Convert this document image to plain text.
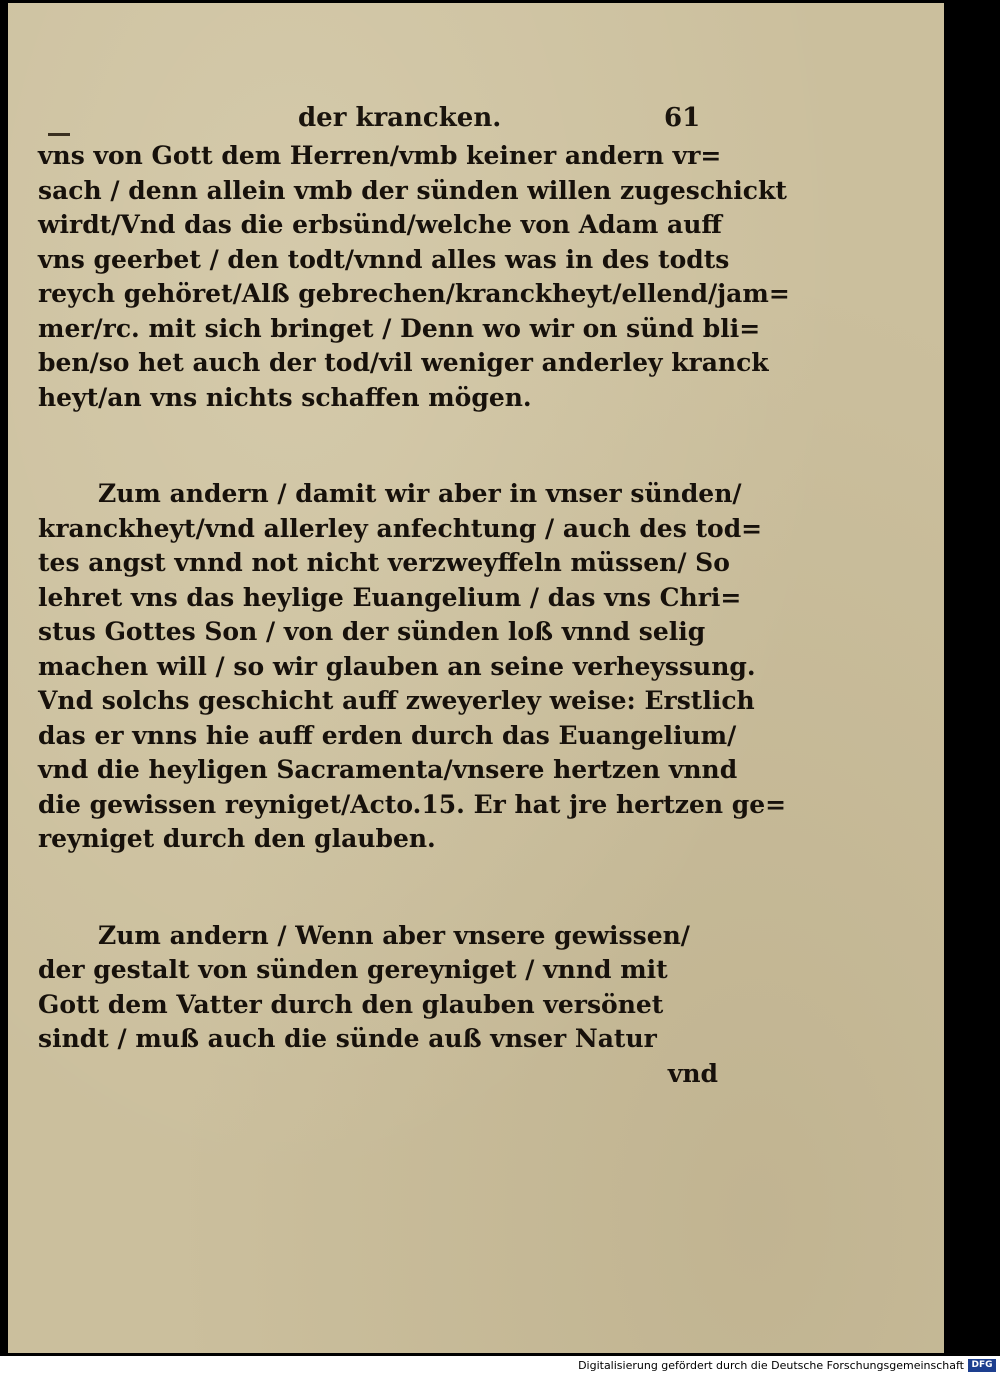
der krancken.	61
vns von Gott dem Herren/vmb keiner andern vr=
sach / denn allein vmb der sünden willen zugeschickt
wirdt/Vnd das die erbsünd/welche von Adam auff
vns geerbet / den todt/vnnd alles was in des todts
reych gehöret/Alß gebrechen/kranckheyt/ellend/jam=
mer/rc. mit sich bringet / Denn wo wir on sünd bli=
ben/so het auch der tod/vil weniger anderley kranck
heyt/an vns nichts schaffen mögen.
Zum andern / damit wir aber in vnser sünden/
kranckheyt/vnd allerley anfechtung / auch des tod=
tes angst vnnd not nicht verzweyffeln müssen/ So
lehret vns das heylige Euangelium / das vns Chri=
stus Gottes Son / von der sünden loß vnnd selig
machen will / so wir glauben an seine verheyssung.
Vnd solchs geschicht auff zweyerley weise: Erstlich
das er vnns hie auff erden durch das Euangelium/
vnd die heyligen Sacramenta/vnsere hertzen vnnd
die gewissen reyniget/Acto.15. Er hat jre hertzen ge=
reyniget durch den glauben.
Zum andern / Wenn aber vnsere gewissen/
der gestalt von sünden gereyniget / vnnd mit
Gott dem Vatter durch den glauben versönet
sindt / muß auch die sünde auß vnser Natur
vnd
Digitalisierung gefördert durch die Deutsche Forschungsgemeinschaft DFG
